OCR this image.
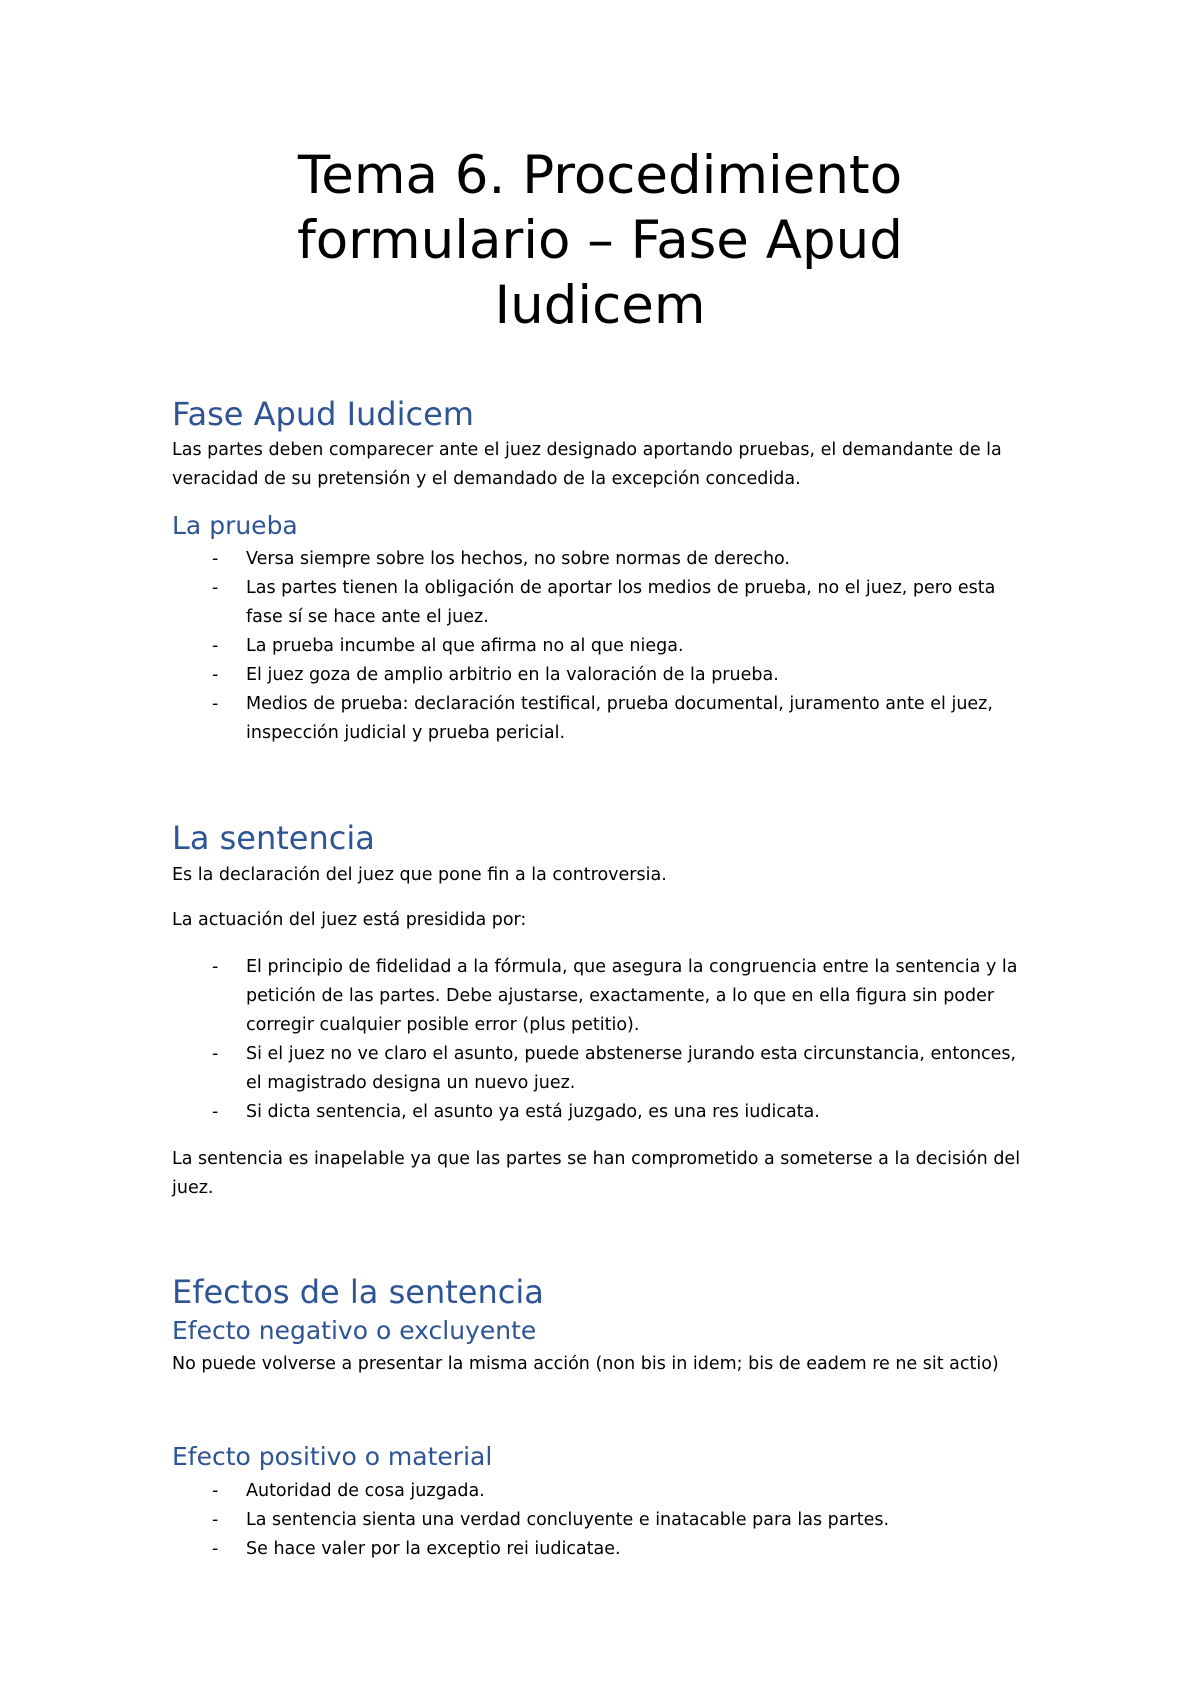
Tema 6. Procedimiento
formulario – Fase Apud
Iudicem
Fase Apud Iudicem

Las partes deben comparecer ante el juez designado aportando pruebas, el demandante de la
veracidad de su pretensión y el demandado de la excepción concedida.

La prueba
- Versa siempre sobre los hechos, no sobre normas de derecho.
- Las partes tienen la obligación de aportar los medios de prueba, no el juez, pero esta
fase sí se hace ante el juez.
- La prueba incumbe al que afirma no al que niega.
- El juez goza de amplio arbitrio en la valoración de la prueba.
- Medios de prueba: declaración testifical, prueba documental, juramento ante el juez,
inspección judicial y prueba pericial.
La sentencia

Es la declaración del juez que pone fin a la controversia.

La actuación del juez está presidida por:

- El principio de fidelidad a la fórmula, que asegura la congruencia entre la sentencia y la
petición de las partes. Debe ajustarse, exactamente, a lo que en ella figura sin poder
corregir cualquier posible error (plus petitio).
- Si el juez no ve claro el asunto, puede abstenerse jurando esta circunstancia, entonces,
el magistrado designa un nuevo juez.
- Si dicta sentencia, el asunto ya está juzgado, es una res iudicata.

La sentencia es inapelable ya que las partes se han comprometido a someterse a la decisión del
juez.

Efectos de la sentencia
Efecto negativo o excluyente

No puede volverse a presentar la misma acción (non bis in idem; bis de eadem re ne sit actio)

Efecto positivo o material
- Autoridad de cosa juzgada.
- La sentencia sienta una verdad concluyente e inatacable para las partes.
- Se hace valer por la exceptio rei iudicatae.
